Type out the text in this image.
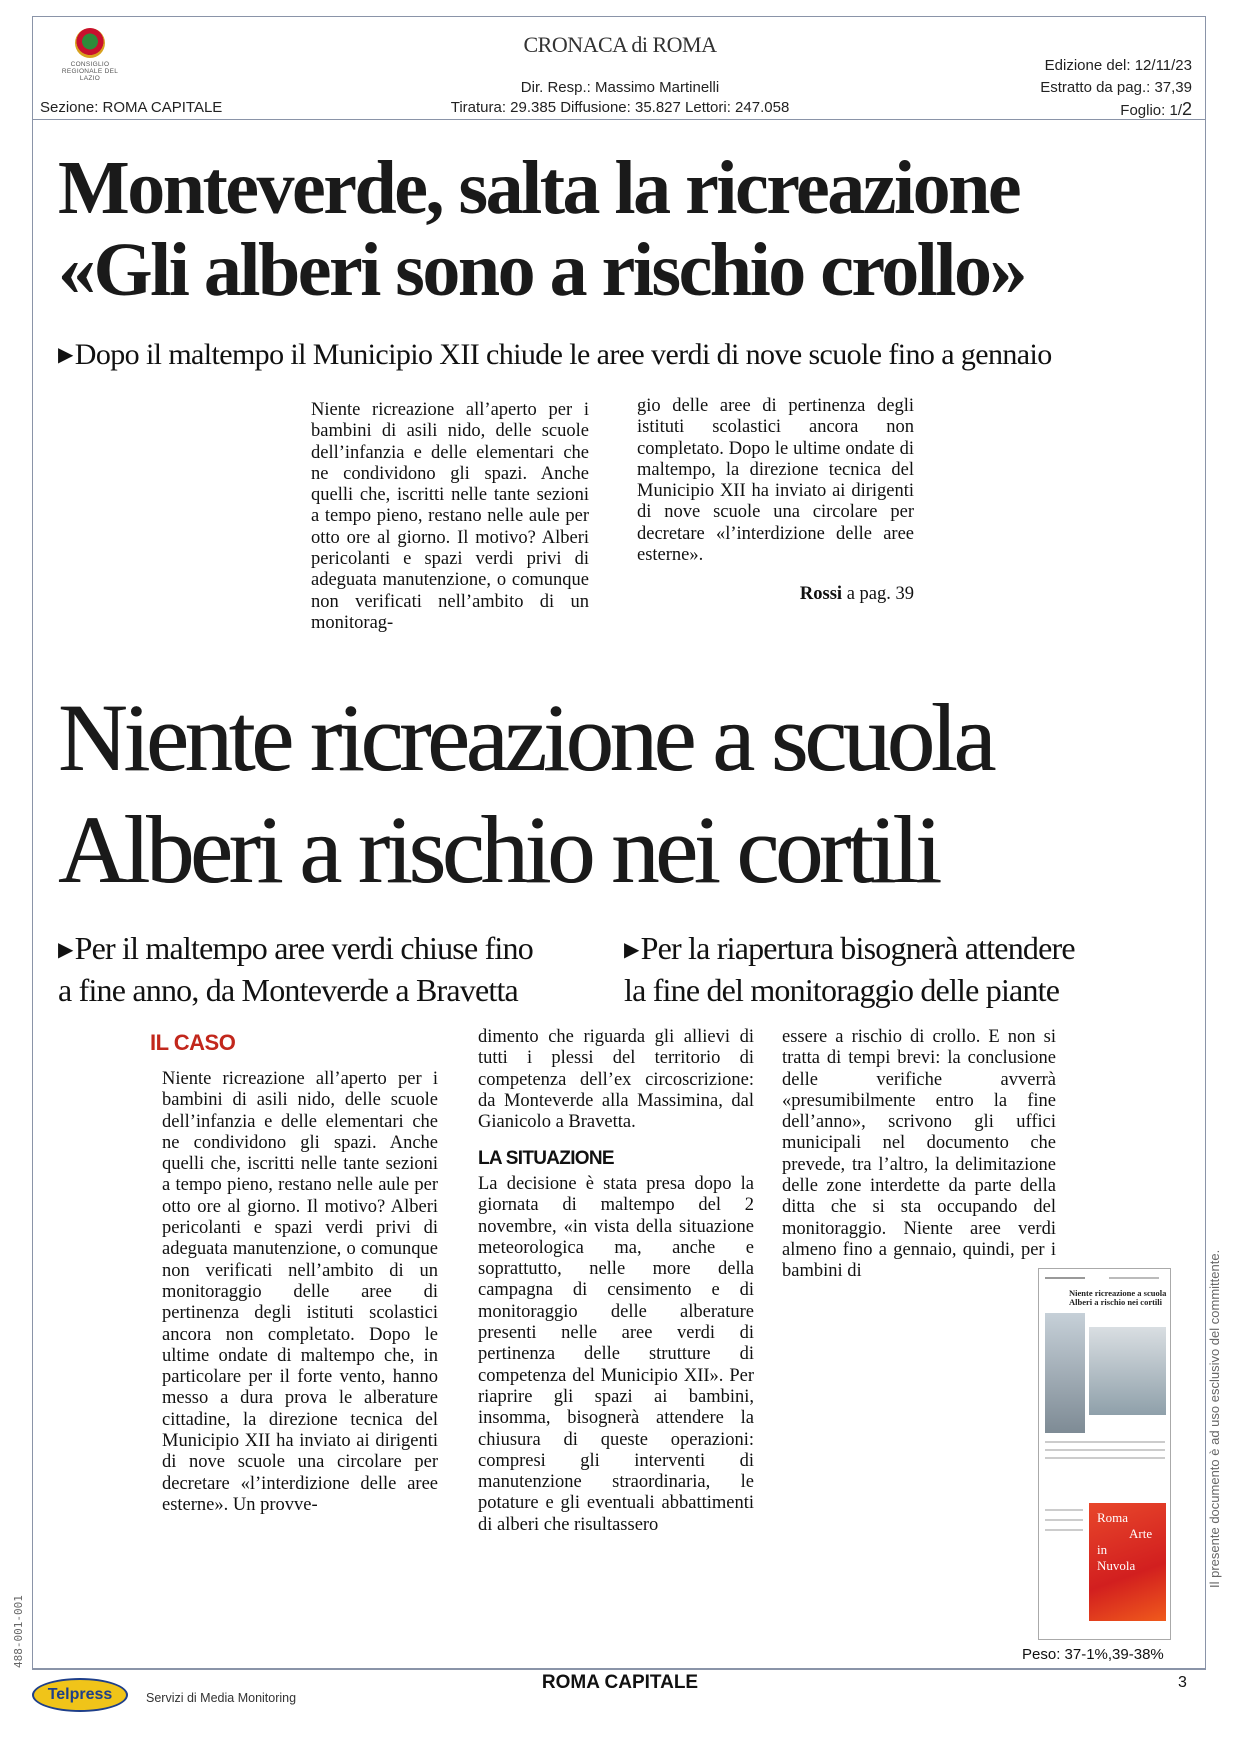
CONSIGLIO REGIONALE DEL LAZIO
CRONACA di ROMA
Edizione del: 12/11/23
Estratto da pag.: 37,39
Foglio: 1/2
Dir. Resp.: Massimo Martinelli
Tiratura: 29.385 Diffusione: 35.827 Lettori: 247.058
Sezione: ROMA CAPITALE
Monteverde, salta la ricreazione
«Gli alberi sono a rischio crollo»
▶Dopo il maltempo il Municipio XII chiude le aree verdi di nove scuole fino a gennaio
Niente ricreazione all’aperto per i bambini di asili nido, delle scuole dell’infanzia e delle elementari che ne condividono gli spazi. Anche quelli che, iscritti nelle tante sezioni a tempo pieno, restano nelle aule per otto ore al giorno. Il motivo? Alberi pericolanti e spazi verdi privi di adeguata manutenzione, o comunque non verificati nell’ambito di un monitorag-
gio delle aree di pertinenza degli istituti scolastici ancora non completato. Dopo le ultime ondate di maltempo, la direzione tecnica del Municipio XII ha inviato ai dirigenti di nove scuole una circolare per decretare «l’interdizione delle aree esterne».
Rossi a pag. 39
Niente ricreazione a scuola
Alberi a rischio nei cortili
▶Per il maltempo aree verdi chiuse fino
a fine anno, da Monteverde a Bravetta
▶Per la riapertura bisognerà attendere
la fine del monitoraggio delle piante
IL CASO
Niente ricreazione all’aperto per i bambini di asili nido, delle scuole dell’infanzia e delle elementari che ne condividono gli spazi. Anche quelli che, iscritti nelle tante sezioni a tempo pieno, restano nelle aule per otto ore al giorno. Il motivo? Alberi pericolanti e spazi verdi privi di adeguata manutenzione, o comunque non verificati nell’ambito di un monitoraggio delle aree di pertinenza degli istituti scolastici ancora non completato. Dopo le ultime ondate di maltempo che, in particolare per il forte vento, hanno messo a dura prova le alberature cittadine, la direzione tecnica del Municipio XII ha inviato ai dirigenti di nove scuole una circolare per decretare «l’interdizione delle aree esterne». Un provve-
dimento che riguarda gli allievi di tutti i plessi del territorio di competenza dell’ex circoscrizione: da Monteverde alla Massimina, dal Gianicolo a Bravetta.
LA SITUAZIONE
La decisione è stata presa dopo la giornata di maltempo del 2 novembre, «in vista della situazione meteorologica ma, anche e soprattutto, nelle more della campagna di censimento e di monitoraggio delle alberature presenti nelle aree verdi di pertinenza delle strutture di competenza del Municipio XII». Per riaprire gli spazi ai bambini, insomma, bisognerà attendere la chiusura di queste operazioni: compresi gli interventi di manutenzione straordinaria, le potature e gli eventuali abbattimenti di alberi che risultassero
essere a rischio di crollo. E non si tratta di tempi brevi: la conclusione delle verifiche avverrà «presumibilmente entro la fine dell’anno», scrivono gli uffici municipali nel documento che prevede, tra l’altro, la delimitazione delle zone interdette da parte della ditta che si sta occupando del monitoraggio. Niente aree verdi almeno fino a gennaio, quindi, per i bambini di
Niente ricreazione a scuola Alberi a rischio nei cortili
Roma
Arte
in
Nuvola
Peso: 37-1%,39-38%
Il presente documento è ad uso esclusivo del committente.
488-001-001
Telpress	Servizi di Media Monitoring
ROMA CAPITALE	3
